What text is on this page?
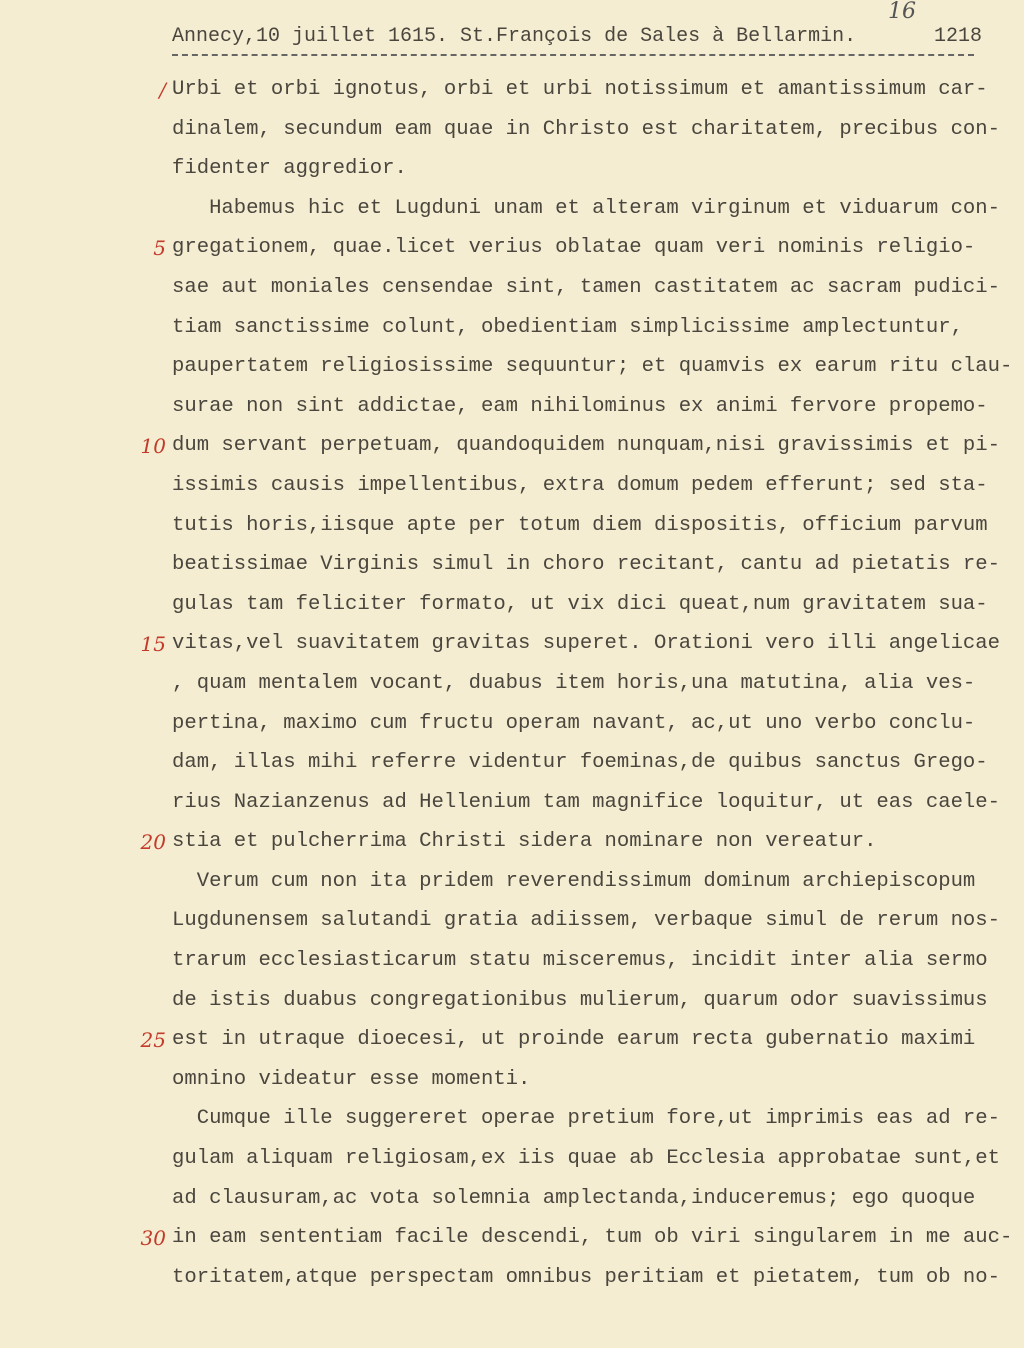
Annecy,10 juillet 1615. St.François de Sales à Bellarmin.	1218
16
/ Urbi et orbi ignotus, orbi et urbi notissimum et amantissimum car-
dinalem, secundum eam quae in Christo est charitatem, precibus con-
fidenter aggredior.
Habemus hic et Lugduni unam et alteram virginum et viduarum con-
5 gregationem, quae.licet verius oblatae quam veri nominis religio-
sae aut moniales censendae sint, tamen castitatem ac sacram pudici-
tiam sanctissime colunt, obedientiam simplicissime amplectuntur,
paupertatem religiosissime sequuntur; et quamvis ex earum ritu clau-
surae non sint addictae, eam nihilominus ex animi fervore propemo-
10 dum servant perpetuam, quandoquidem nunquam,nisi gravissimis et pi-
issimis causis impellentibus, extra domum pedem efferunt; sed sta-
tutis horis,iisque apte per totum diem dispositis, officium parvum
beatissimae Virginis simul in choro recitant, cantu ad pietatis re-
gulas tam feliciter formato, ut vix dici queat,num gravitatem sua-
15 vitas,vel suavitatem gravitas superet. Orationi vero illi angelicae
, quam mentalem vocant, duabus item horis,una matutina, alia ves-
pertina, maximo cum fructu operam navant, ac,ut uno verbo conclu-
dam, illas mihi referre videntur foeminas,de quibus sanctus Grego-
rius Nazianzenus ad Hellenium tam magnifice loquitur, ut eas caele-
20 stia et pulcherrima Christi sidera nominare non vereatur.
Verum cum non ita pridem reverendissimum dominum archiepiscopum
Lugdunensem salutandi gratia adiissem, verbaque simul de rerum nos-
trarum ecclesiasticarum statu misceremus, incidit inter alia sermo
de istis duabus congregationibus mulierum, quarum odor suavissimus
25 est in utraque dioecesi, ut proinde earum recta gubernatio maximi
omnino videatur esse momenti.
Cumque ille suggereret operae pretium fore,ut imprimis eas ad re-
gulam aliquam religiosam,ex iis quae ab Ecclesia approbatae sunt,et
ad clausuram,ac vota solemnia amplectanda,induceremus; ego quoque
30 in eam sententiam facile descendi, tum ob viri singularem in me auc-
toritatem,atque perspectam omnibus peritiam et pietatem, tum ob no-
